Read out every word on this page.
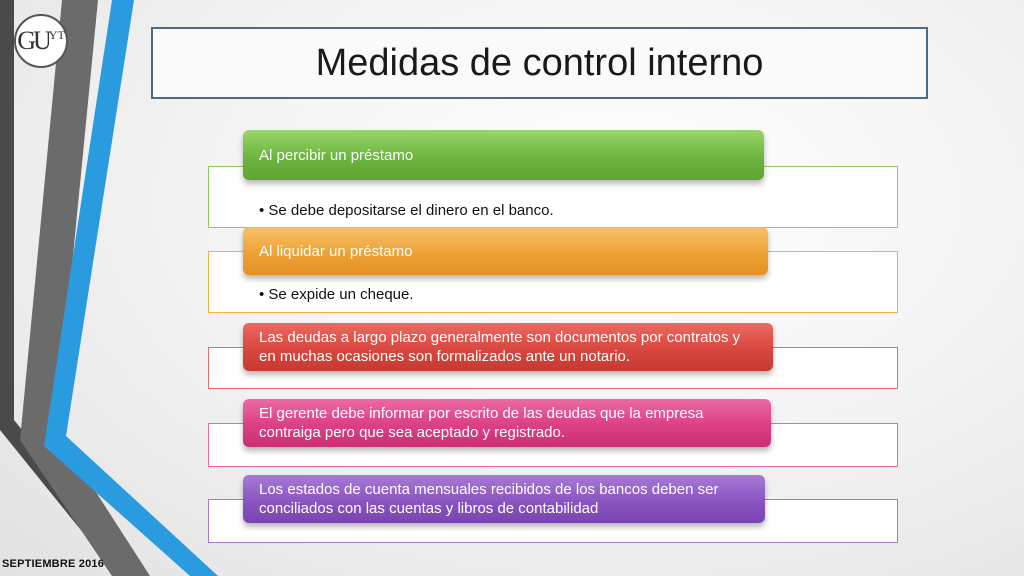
GU YT
Medidas de control interno
• Se debe depositarse el dinero en el banco.
Al percibir un préstamo
• Se expide un cheque.
Al liquidar un préstamo
Las deudas a largo plazo generalmente son documentos por contratos y en muchas ocasiones son formalizados ante un notario.
El gerente debe informar por escrito de las deudas que la empresa contraiga pero que sea aceptado y registrado.
Los estados de cuenta mensuales recibidos de los bancos deben ser conciliados con las cuentas y libros de contabilidad
SEPTIEMBRE 2016
